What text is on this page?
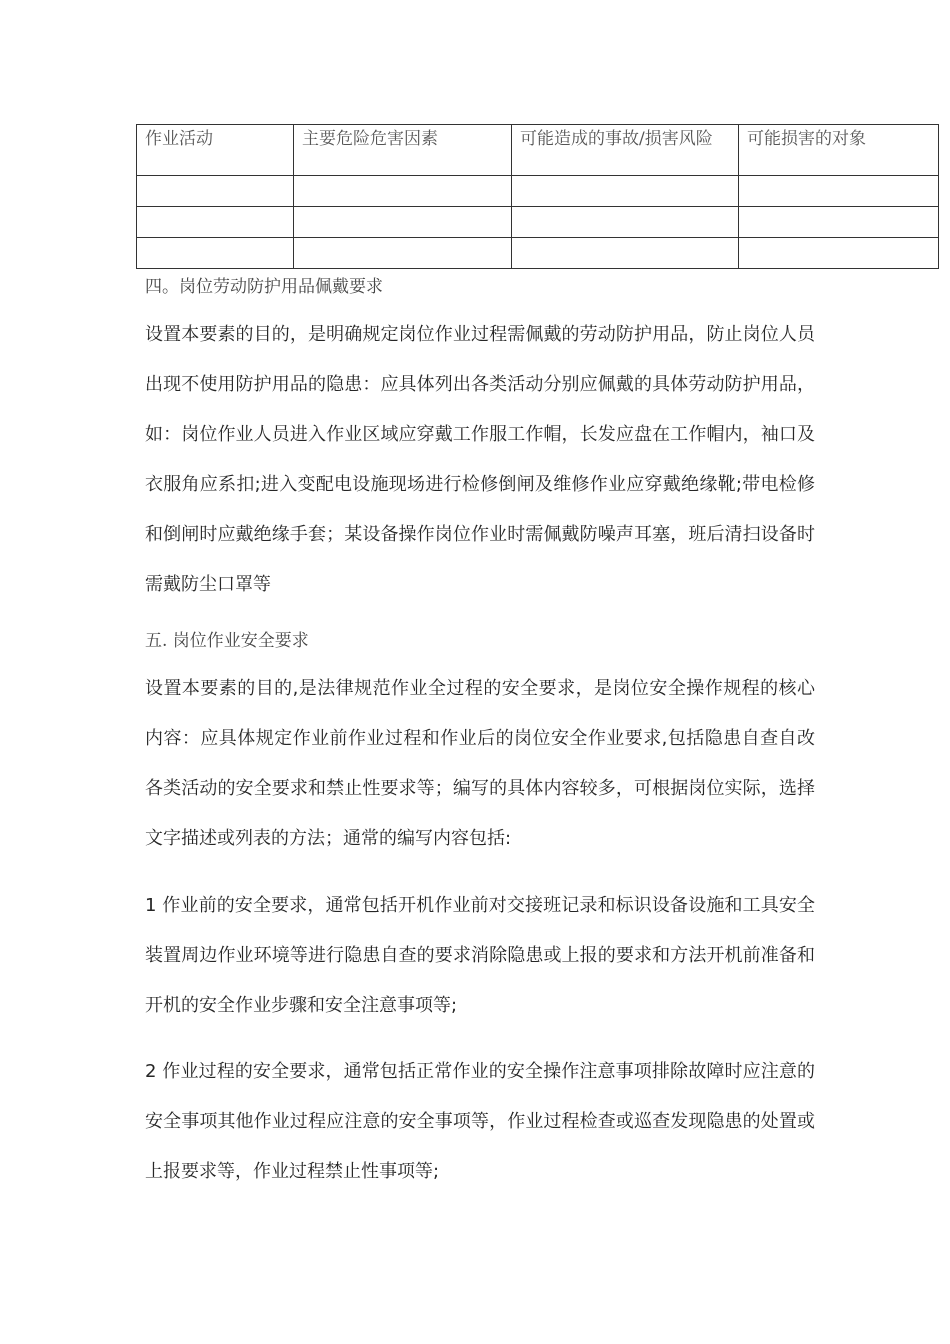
作业活动	主要危险危害因素	可能造成的事故/损害风险	可能损害的对象

四。岗位劳动防护用品佩戴要求
设置本要素的目的，是明确规定岗位作业过程需佩戴的劳动防护用品，防止岗位人员出现不使用防护用品的隐患：应具体列出各类活动分别应佩戴的具体劳动防护用品，如：岗位作业人员进入作业区域应穿戴工作服工作帽，长发应盘在工作帽内，袖口及衣服角应系扣;进入变配电设施现场进行检修倒闸及维修作业应穿戴绝缘靴;带电检修和倒闸时应戴绝缘手套；某设备操作岗位作业时需佩戴防噪声耳塞，班后清扫设备时需戴防尘口罩等
五. 岗位作业安全要求
设置本要素的目的,是法律规范作业全过程的安全要求，是岗位安全操作规程的核心内容：应具体规定作业前作业过程和作业后的岗位安全作业要求,包括隐患自查自改各类活动的安全要求和禁止性要求等；编写的具体内容较多，可根据岗位实际，选择文字描述或列表的方法；通常的编写内容包括:
1 作业前的安全要求，通常包括开机作业前对交接班记录和标识设备设施和工具安全装置周边作业环境等进行隐患自查的要求消除隐患或上报的要求和方法开机前准备和开机的安全作业步骤和安全注意事项等;
2 作业过程的安全要求，通常包括正常作业的安全操作注意事项排除故障时应注意的安全事项其他作业过程应注意的安全事项等，作业过程检查或巡查发现隐患的处置或上报要求等，作业过程禁止性事项等;
